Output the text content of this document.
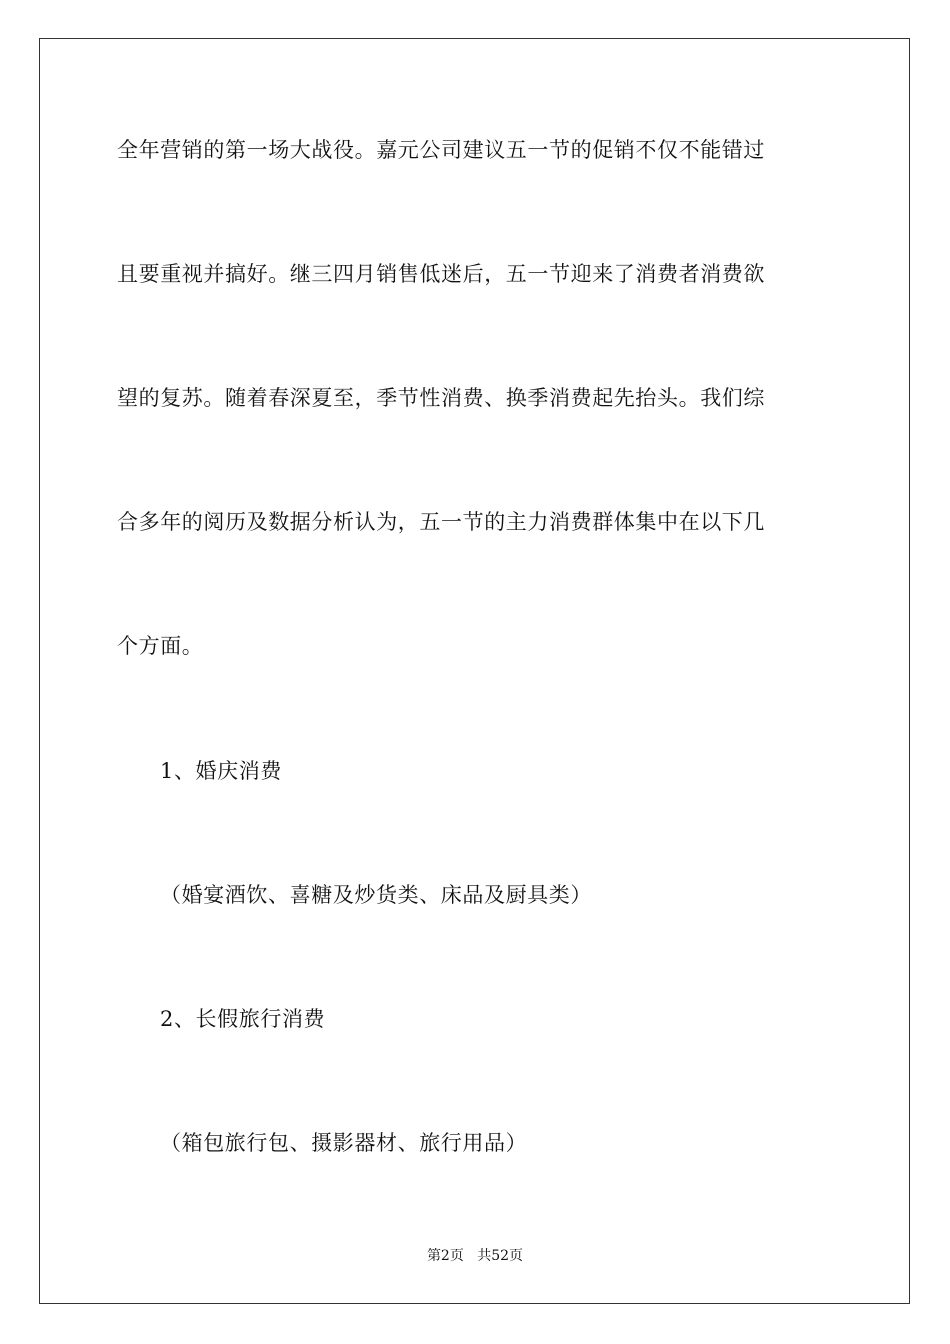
全年营销的第一场大战役。嘉元公司建议五一节的促销不仅不能错过
且要重视并搞好。继三四月销售低迷后，五一节迎来了消费者消费欲
望的复苏。随着春深夏至，季节性消费、换季消费起先抬头。我们综
合多年的阅历及数据分析认为，五一节的主力消费群体集中在以下几
个方面。
1、婚庆消费
（婚宴酒饮、喜糖及炒货类、床品及厨具类）
2、长假旅行消费
（箱包旅行包、摄影器材、旅行用品）
第2页 共52页
